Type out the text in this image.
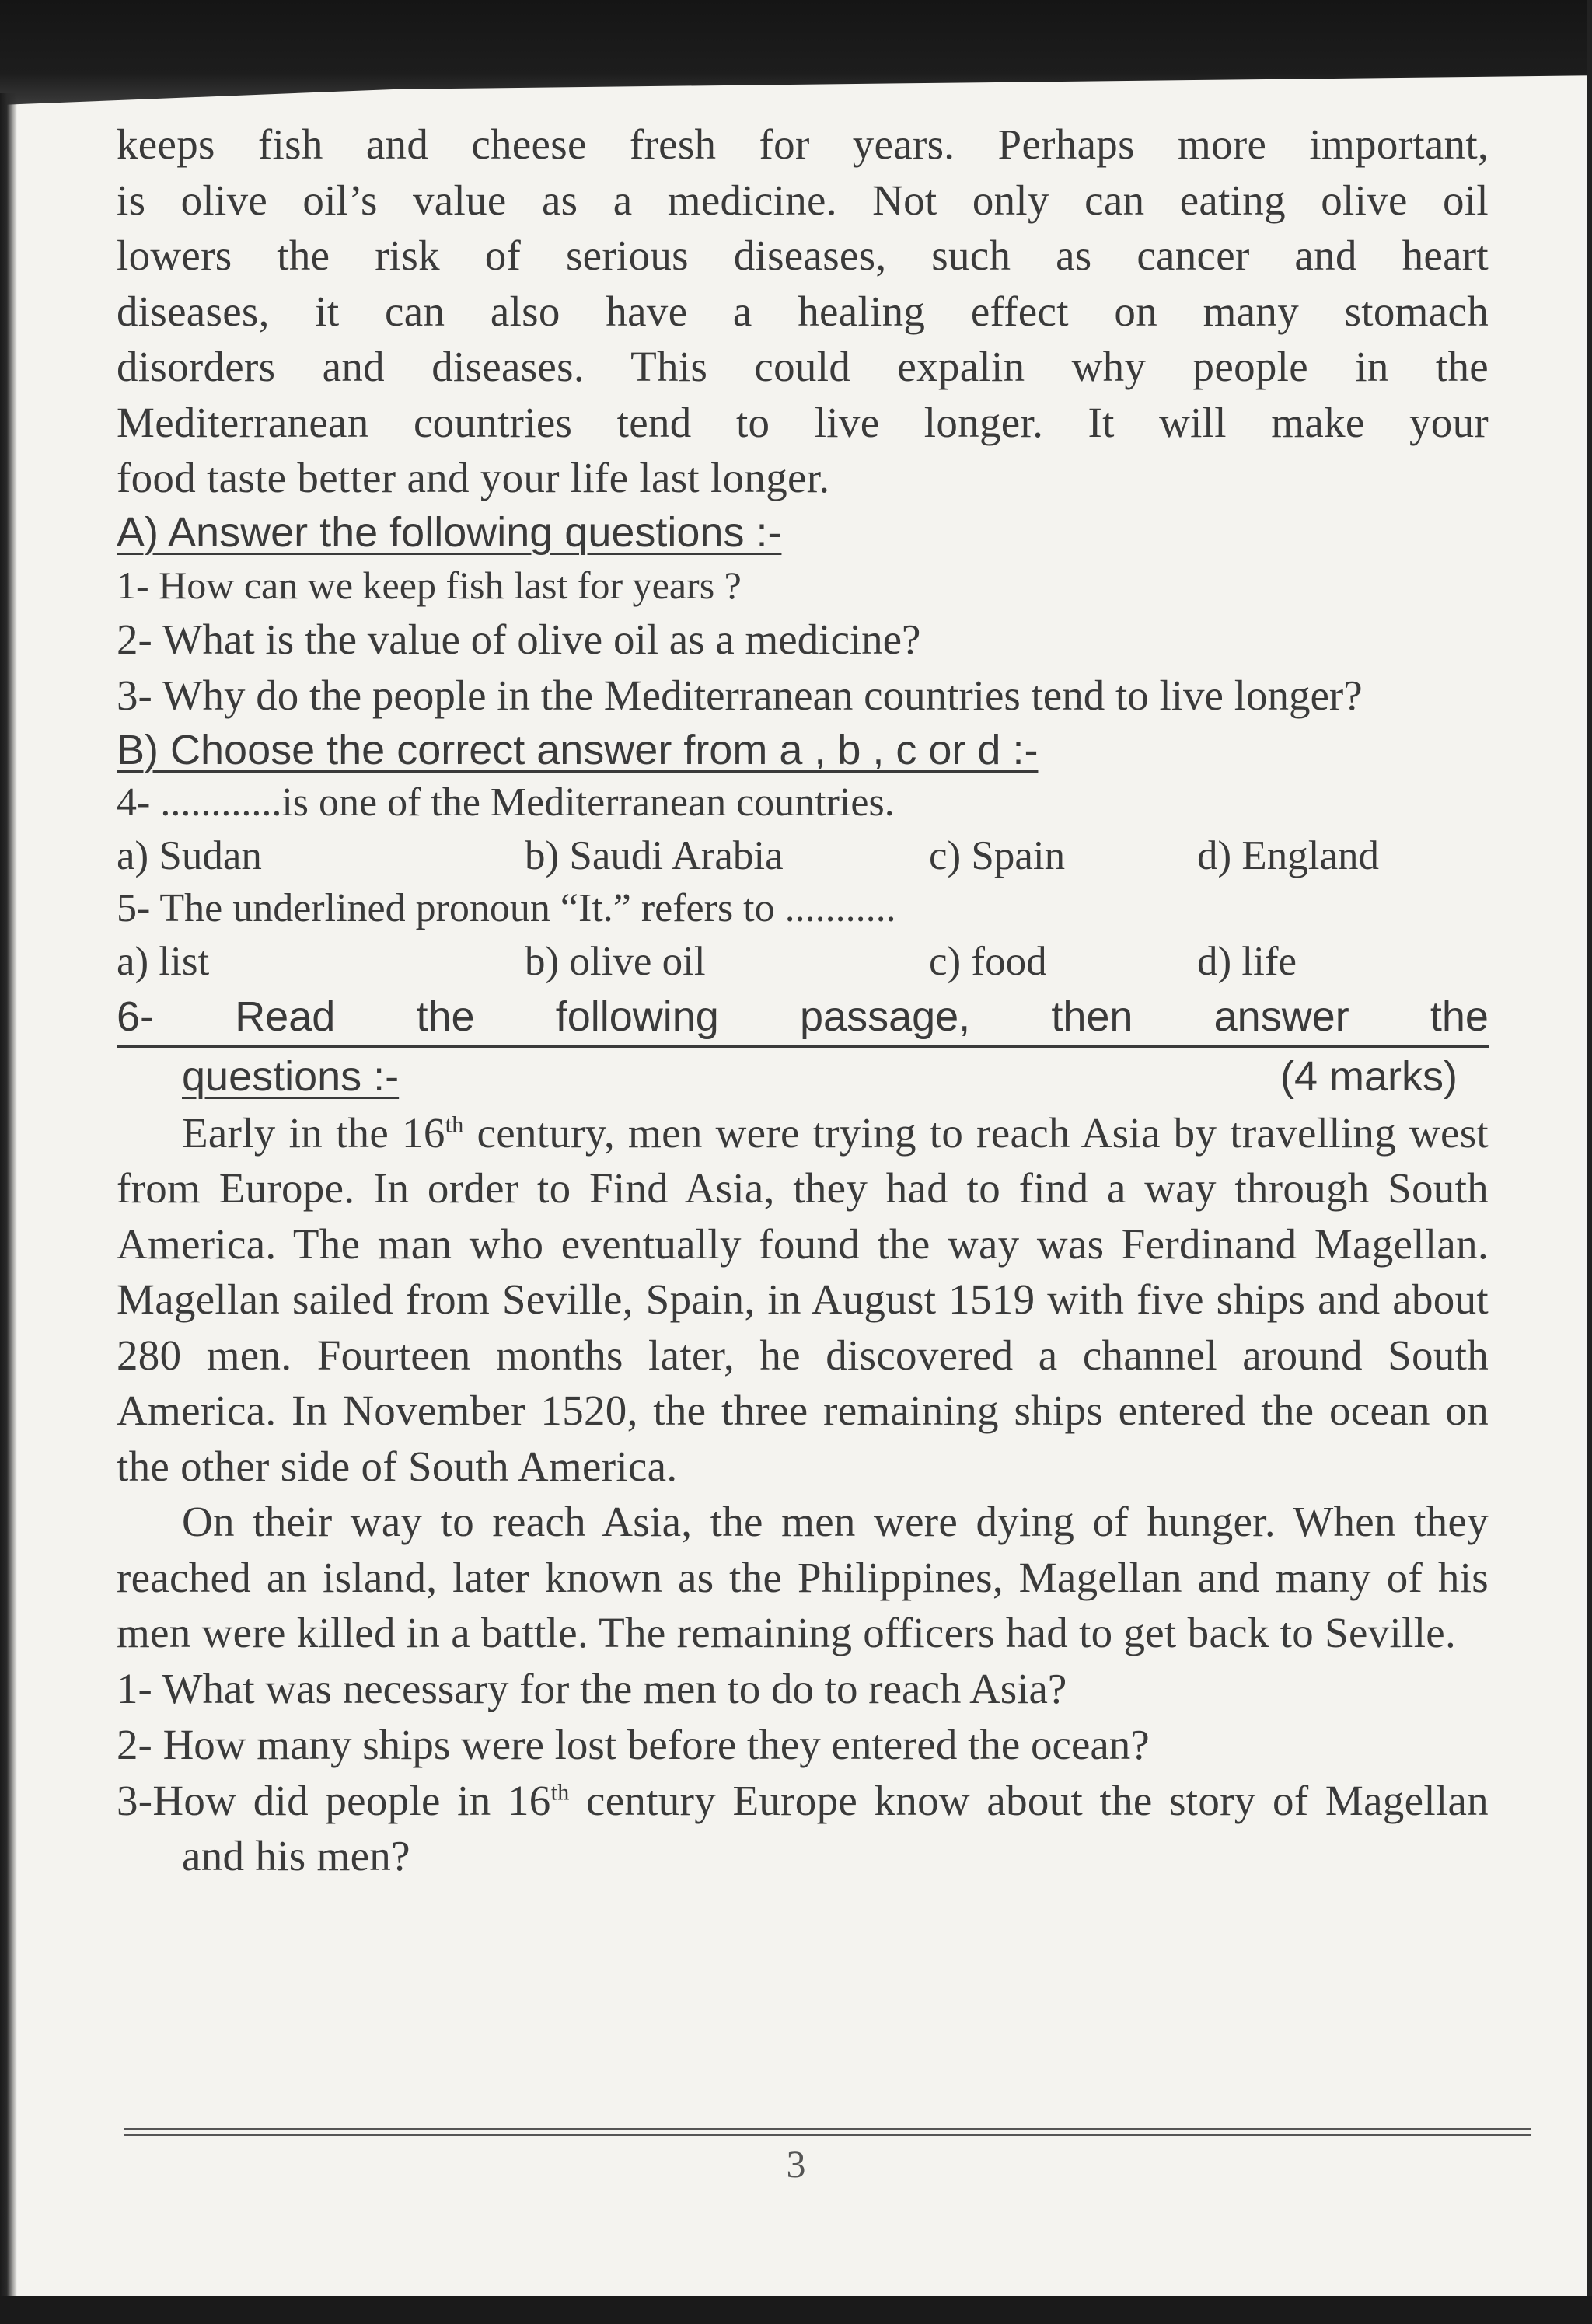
keeps fish and cheese fresh for years. Perhaps more important,
is olive oil’s value as a medicine. Not only can eating olive oil
lowers the risk of serious diseases, such as cancer and heart
diseases, it can also have a healing effect on many stomach
disorders and diseases. This could expalin why people in the
Mediterranean countries tend to live longer. It will make your
food taste better and your life last longer.
A) Answer the following questions :-
1- How can we keep fish last for years ?
2- What is the value of olive oil as a medicine?
3- Why do the people in the Mediterranean countries tend to live longer?
B) Choose the correct answer from a , b , c or d :-
4- ............is one of the Mediterranean countries.
a) Sudan	b) Saudi Arabia	c) Spain	d) England
5- The underlined pronoun “It.” refers to ...........
a) list	b) olive oil	c) food	d) life
6- Read the following passage, then answer the
questions :-	(4 marks)

Early in the 16th century, men were trying to reach Asia by travelling west from Europe. In order to Find Asia, they had to find a way through South America. The man who eventually found the way was Ferdinand Magellan. Magellan sailed from Seville, Spain, in August 1519 with five ships and about 280 men. Fourteen months later, he discovered a channel around South America. In November 1520, the three remaining ships entered the ocean on the other side of South America.

On their way to reach Asia, the men were dying of hunger. When they reached an island, later known as the Philippines, Magellan and many of his men were killed in a battle. The remaining officers had to get back to Seville.

1- What was necessary for the men to do to reach Asia?
2- How many ships were lost before they entered the ocean?

3-How did people in 16th century Europe know about the story of Magellan and his men?

3
